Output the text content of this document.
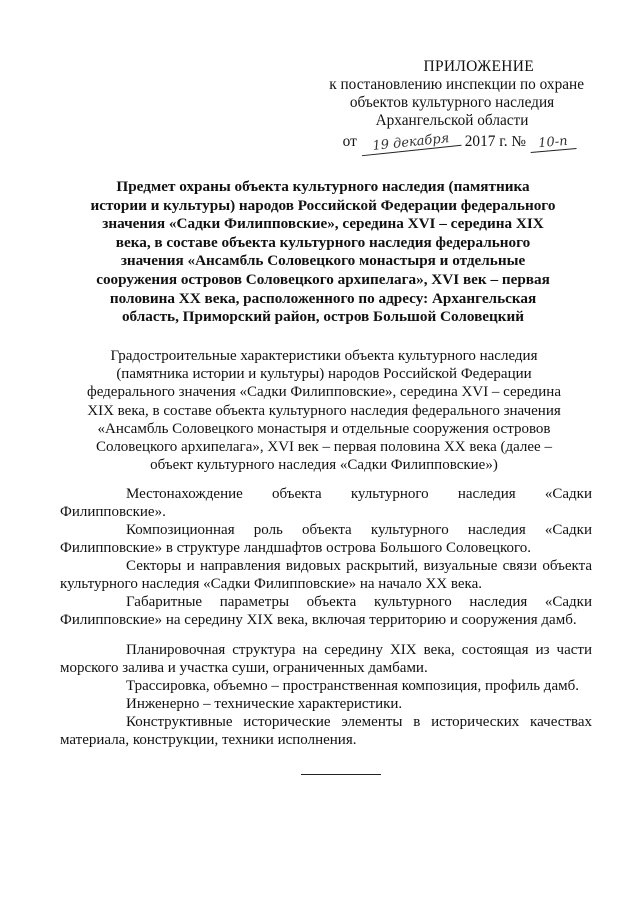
ПРИЛОЖЕНИЕ
к постановлению инспекции по охране
объектов культурного наследия
Архангельской области
от	19 декабря 2017 г. № 10-п
Предмет охраны объекта культурного наследия (памятника истории и культуры) народов Российской Федерации федерального значения «Садки Филипповские», середина XVI – середина XIX века, в составе объекта культурного наследия федерального значения «Ансамбль Соловецкого монастыря и отдельные сооружения островов Соловецкого архипелага», XVI век – первая половина XX века, расположенного по адресу: Архангельская область, Приморский район, остров Большой Соловецкий
Градостроительные характеристики объекта культурного наследия (памятника истории и культуры) народов Российской Федерации федерального значения «Садки Филипповские», середина XVI – середина XIX века, в составе объекта культурного наследия федерального значения «Ансамбль Соловецкого монастыря и отдельные сооружения островов Соловецкого архипелага», XVI век – первая половина XX века (далее – объект культурного наследия «Садки Филипповские»)

Местонахождение объекта культурного наследия «Садки Филипповские».

Композиционная роль объекта культурного наследия «Садки Филипповские» в структуре ландшафтов острова Большого Соловецкого.

Секторы и направления видовых раскрытий, визуальные связи объекта культурного наследия «Садки Филипповские» на начало XX века.

Габаритные параметры объекта культурного наследия «Садки Филипповские» на середину XIX века, включая территорию и сооружения дамб.

Планировочная структура на середину XIX века, состоящая из части морского залива и участка суши, ограниченных дамбами.

Трассировка, объемно – пространственная композиция, профиль дамб.

Инженерно – технические характеристики.

Конструктивные исторические элементы в исторических качествах материала, конструкции, техники исполнения.
